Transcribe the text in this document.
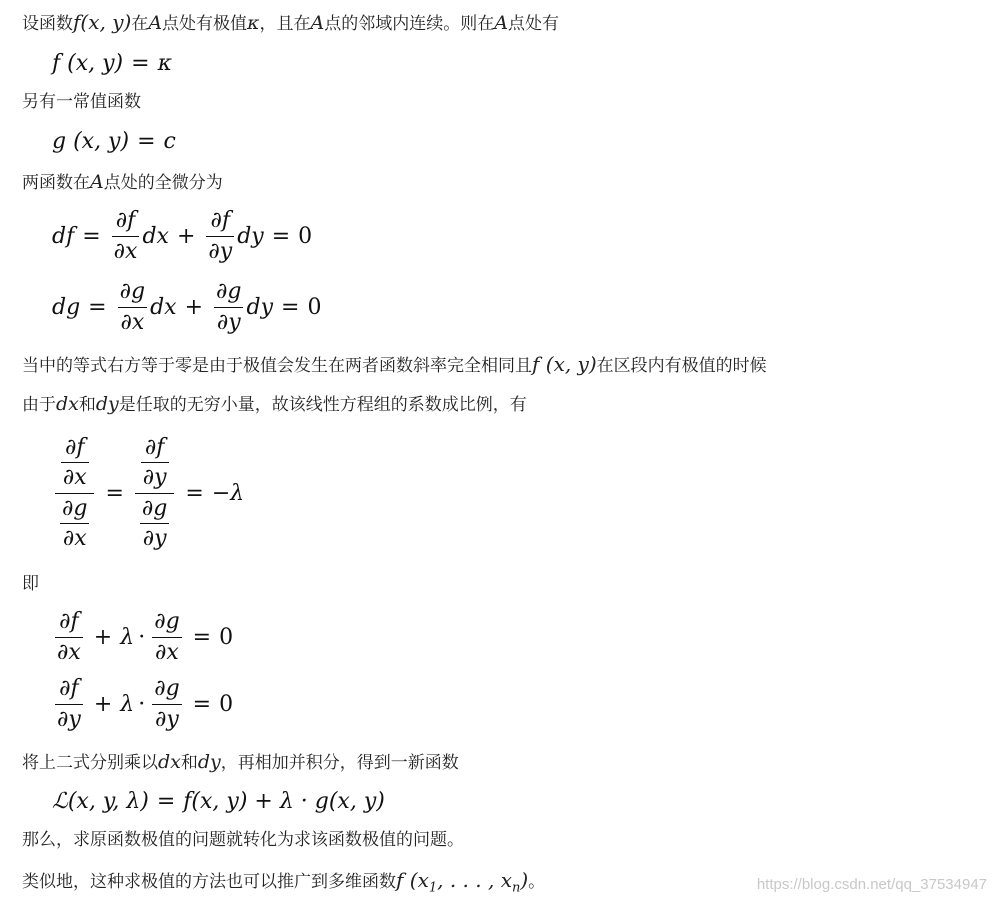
设函数f(x, y)在A点处有极值κ，且在A点的邻域内连续。则在A点处有
f (x, y) = κ
另有一常值函数
g (x, y) = c
两函数在A点处的全微分为
df = $\frac{\partial f}{\partial x}$ dx + $\frac{\partial f}{\partial y}$ dy = 0
dg = $\frac{\partial g}{\partial x}$ dx + $\frac{\partial g}{\partial y}$ dy = 0
当中的等式右方等于零是由于极值会发生在两者函数斜率完全相同且f (x, y)在区段内有极值的时候
由于dx和dy是任取的无穷小量，故该线性方程组的系数成比例，有
$\frac{\frac{\partial f}{\partial x}}{\frac{\partial g}{\partial x}} = \frac{\frac{\partial f}{\partial y}}{\frac{\partial g}{\partial y}} = -\lambda$
即
$\frac{\partial f}{\partial x} + \lambda \cdot \frac{\partial g}{\partial x} = 0$
$\frac{\partial f}{\partial y} + \lambda \cdot \frac{\partial g}{\partial y} = 0$
将上二式分别乘以dx和dy，再相加并积分，得到一新函数
ℒ(x, y, λ) = f(x, y) + λ · g(x, y)
那么，求原函数极值的问题就转化为求该函数极值的问题。
类似地，这种求极值的方法也可以推广到多维函数f ($x_1$, . . . , $x_n$)。	https://blog.csdn.net/qq_37534947
